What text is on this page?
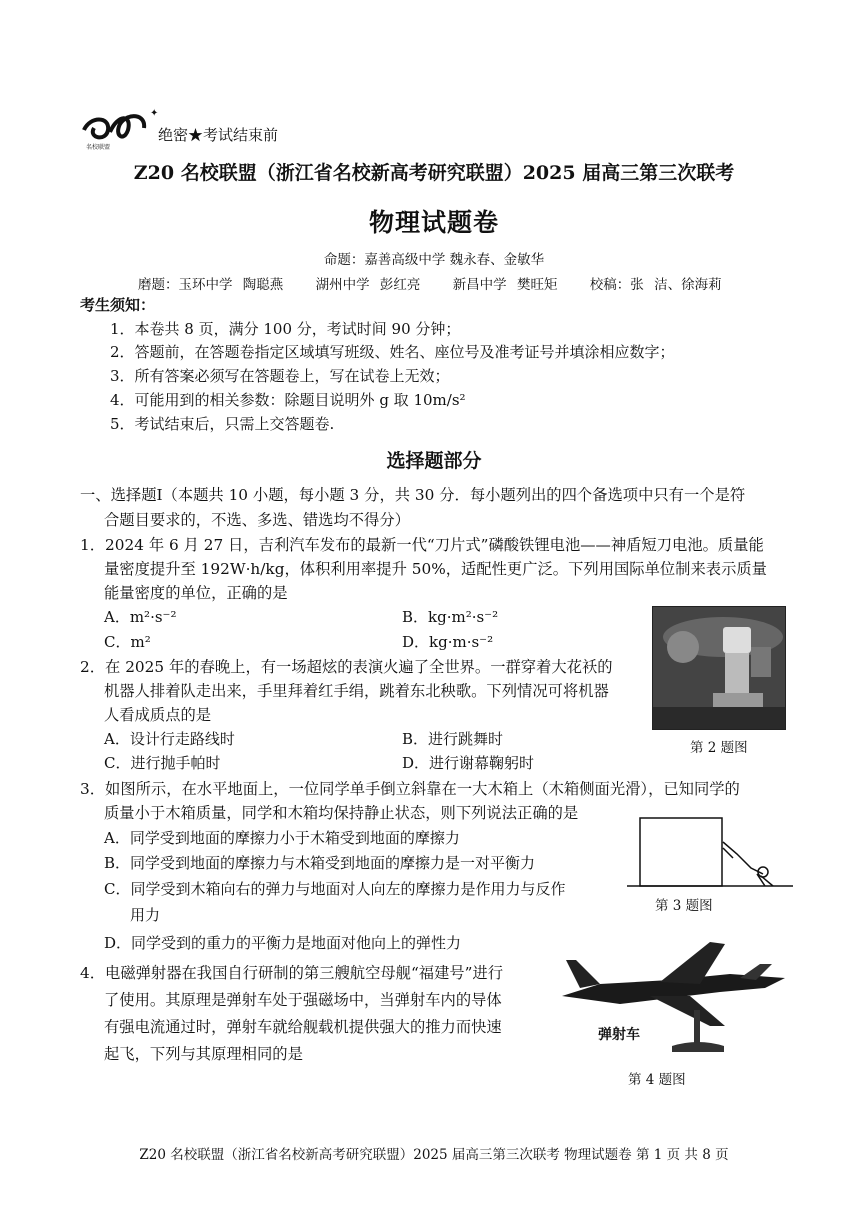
✦
名校联盟
绝密★考试结束前
Z20 名校联盟（浙江省名校新高考研究联盟）2025 届高三第三次联考
物理试题卷
命题：嘉善高级中学 魏永春、金敏华
磨题：玉环中学 陶聪燕 湖州中学 彭红亮 新昌中学 樊旺矩 校稿：张 洁、徐海莉
考生须知：
1．本卷共 8 页，满分 100 分，考试时间 90 分钟；
2．答题前，在答题卷指定区域填写班级、姓名、座位号及准考证号并填涂相应数字；
3．所有答案必须写在答题卷上，写在试卷上无效；
4．可能用到的相关参数：除题目说明外 g 取 10m/s²
5．考试结束后，只需上交答题卷.
选择题部分
一、选择题Ⅰ（本题共 10 小题，每小题 3 分，共 30 分．每小题列出的四个备选项中只有一个是符
合题目要求的，不选、多选、错选均不得分）
1．2024 年 6 月 27 日，吉利汽车发布的最新一代“刀片式”磷酸铁锂电池——神盾短刀电池。质量能
量密度提升至 192W·h/kg，体积利用率提升 50%，适配性更广泛。下列用国际单位制来表示质量
能量密度的单位，正确的是
A．m²·s⁻²	B．kg·m²·s⁻²
C．m²	D．kg·m·s⁻²
2．在 2025 年的春晚上，有一场超炫的表演火遍了全世界。一群穿着大花袄的
机器人排着队走出来，手里拜着红手绢，跳着东北秧歌。下列情况可将机器
人看成质点的是
A．设计行走路线时	B．进行跳舞时
C．进行抛手帕时	D．进行谢幕鞠躬时
第 2 题图
3．如图所示，在水平地面上，一位同学单手倒立斜靠在一大木箱上（木箱侧面光滑），已知同学的
质量小于木箱质量，同学和木箱均保持静止状态，则下列说法正确的是
A．同学受到地面的摩擦力小于木箱受到地面的摩擦力
B．同学受到地面的摩擦力与木箱受到地面的摩擦力是一对平衡力
C．同学受到木箱向右的弹力与地面对人向左的摩擦力是作用力与反作
用力
D．同学受到的重力的平衡力是地面对他向上的弹性力
第 3 题图
4．电磁弹射器在我国自行研制的第三艘航空母舰“福建号”进行
了使用。其原理是弹射车处于强磁场中，当弹射车内的导体
有强电流通过时，弹射车就给舰载机提供强大的推力而快速
起飞，下列与其原理相同的是
弹射车
第 4 题图
Z20 名校联盟（浙江省名校新高考研究联盟）2025 届高三第三次联考 物理试题卷 第 1 页 共 8 页
